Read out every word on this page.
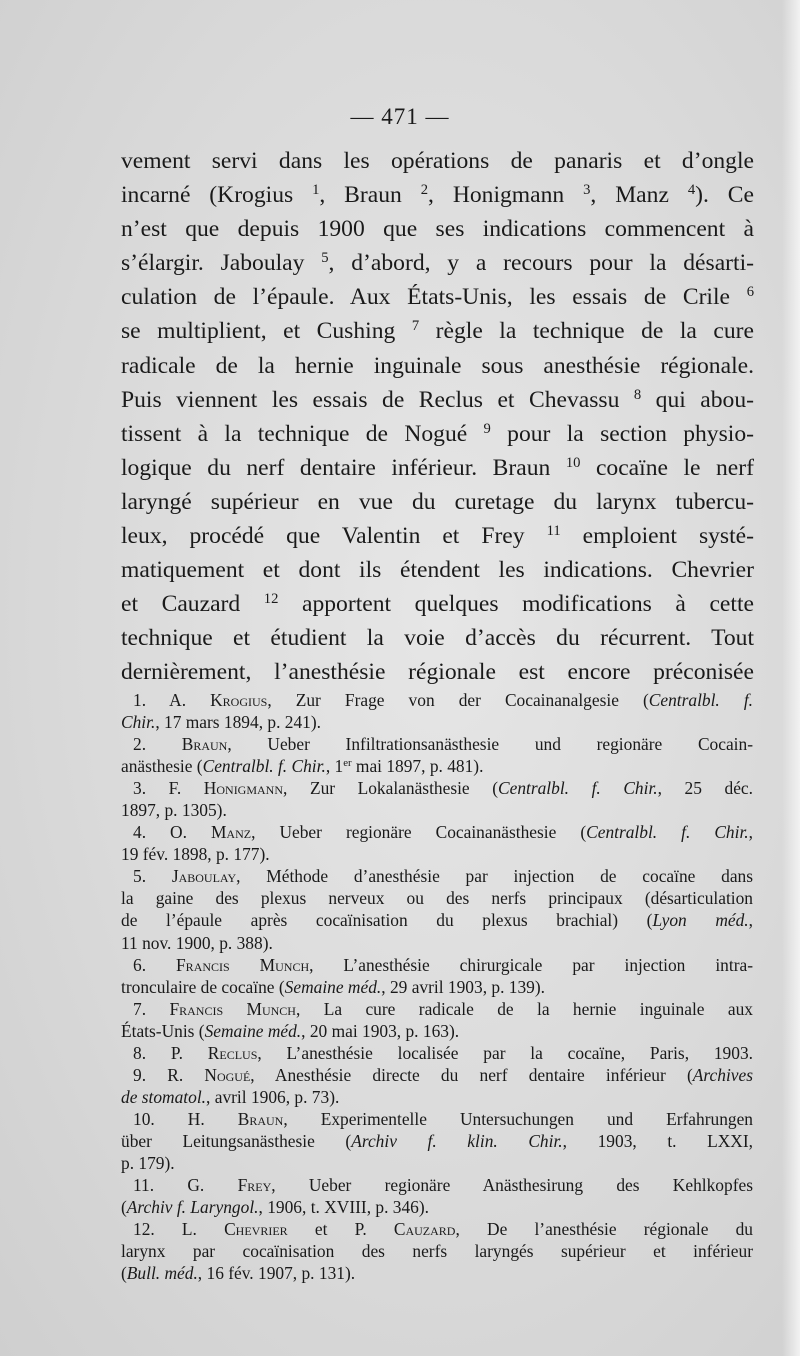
— 471 —
vement servi dans les opérations de panaris et d’ongle
incarné (Krogius $^1$, Braun $^2$, Honigmann $^3$, Manz $^4$). Ce
n’est que depuis 1900 que ses indications commencent à
s’élargir. Jaboulay $^5$, d’abord, y a recours pour la désarti-
culation de l’épaule. Aux États-Unis, les essais de Crile $^6$
se multiplient, et Cushing $^7$ règle la technique de la cure
radicale de la hernie inguinale sous anesthésie régionale.
Puis viennent les essais de Reclus et Chevassu $^8$ qui abou-
tissent à la technique de Nogué $^9$ pour la section physio-
logique du nerf dentaire inférieur. Braun $^{10}$ cocaïne le nerf
laryngé supérieur en vue du curetage du larynx tubercu-
leux, procédé que Valentin et Frey $^{11}$ emploient systé-
matiquement et dont ils étendent les indications. Chevrier
et Cauzard $^{12}$ apportent quelques modifications à cette
technique et étudient la voie d’accès du récurrent. Tout
dernièrement, l’anesthésie régionale est encore préconisée
1. A. Krogius, Zur Frage von der Cocainanalgesie (Centralbl. f.
Chir., 17 mars 1894, p. 241).
2. Braun, Ueber Infiltrationsanästhesie und regionäre Cocain-
anästhesie (Centralbl. f. Chir., 1er mai 1897, p. 481).
3. F. Honigmann, Zur Lokalanästhesie (Centralbl. f. Chir., 25 déc.
1897, p. 1305).
4. O. Manz, Ueber regionäre Cocainanästhesie (Centralbl. f. Chir.,
19 fév. 1898, p. 177).
5. Jaboulay, Méthode d’anesthésie par injection de cocaïne dans
la gaine des plexus nerveux ou des nerfs principaux (désarticulation
de l’épaule après cocaïnisation du plexus brachial) (Lyon méd.,
11 nov. 1900, p. 388).
6. Francis Munch, L’anesthésie chirurgicale par injection intra-
tronculaire de cocaïne (Semaine méd., 29 avril 1903, p. 139).
7. Francis Munch, La cure radicale de la hernie inguinale aux
États-Unis (Semaine méd., 20 mai 1903, p. 163).
8. P. Reclus, L’anesthésie localisée par la cocaïne, Paris, 1903.
9. R. Nogué, Anesthésie directe du nerf dentaire inférieur (Archives
de stomatol., avril 1906, p. 73).
10. H. Braun, Experimentelle Untersuchungen und Erfahrungen
über Leitungsanästhesie (Archiv f. klin. Chir., 1903, t. LXXI,
p. 179).
11. G. Frey, Ueber regionäre Anästhesirung des Kehlkopfes
(Archiv f. Laryngol., 1906, t. XVIII, p. 346).
12. L. Chevrier et P. Cauzard, De l’anesthésie régionale du
larynx par cocaïnisation des nerfs laryngés supérieur et inférieur
(Bull. méd., 16 fév. 1907, p. 131).
